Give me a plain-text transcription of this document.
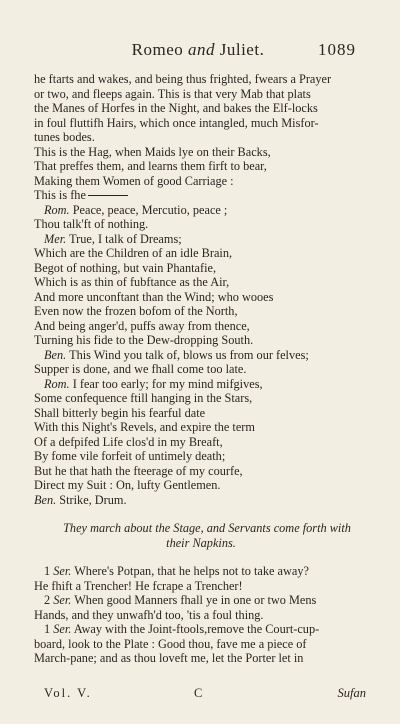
Romeo and Juliet.	1089
he ftarts and wakes, and being thus frighted, fwears a Prayer
or two, and fleeps again. This is that very Mab that plats
the Manes of Horfes in the Night, and bakes the Elf-locks
in foul fluttifh Hairs, which once intangled, much Misfor-
tunes bodes.
This is the Hag, when Maids lye on their Backs,
That preffes them, and learns them firft to bear,
Making them Women of good Carriage :
This is fhe
Rom. Peace, peace, Mercutio, peace ;
Thou talk'ft of nothing.
Mer. True, I talk of Dreams;
Which are the Children of an idle Brain,
Begot of nothing, but vain Phantafie,
Which is as thin of fubftance as the Air,
And more unconftant than the Wind; who wooes
Even now the frozen bofom of the North,
And being anger'd, puffs away from thence,
Turning his fide to the Dew-dropping South.
Ben. This Wind you talk of, blows us from our felves;
Supper is done, and we fhall come too late.
Rom. I fear too early; for my mind mifgives,
Some confequence ftill hanging in the Stars,
Shall bitterly begin his fearful date
With this Night's Revels, and expire the term
Of a defpifed Life clos'd in my Breaft,
By fome vile forfeit of untimely death;
But he that hath the fteerage of my courfe,
Direct my Suit : On, lufty Gentlemen.
Ben. Strike, Drum.
They march about the Stage, and Servants come forth with
their Napkins.
1 Ser. Where's Potpan, that he helps not to take away?
He fhift a Trencher! He fcrape a Trencher!
2 Ser. When good Manners fhall ye in one or two Mens
Hands, and they unwafh'd too, 'tis a foul thing.
1 Ser. Away with the Joint-ftools,remove the Court-cup-
board, look to the Plate : Good thou, fave me a piece of
March-pane; and as thou loveft me, let the Porter let in
Vol. V.	C	Sufan
